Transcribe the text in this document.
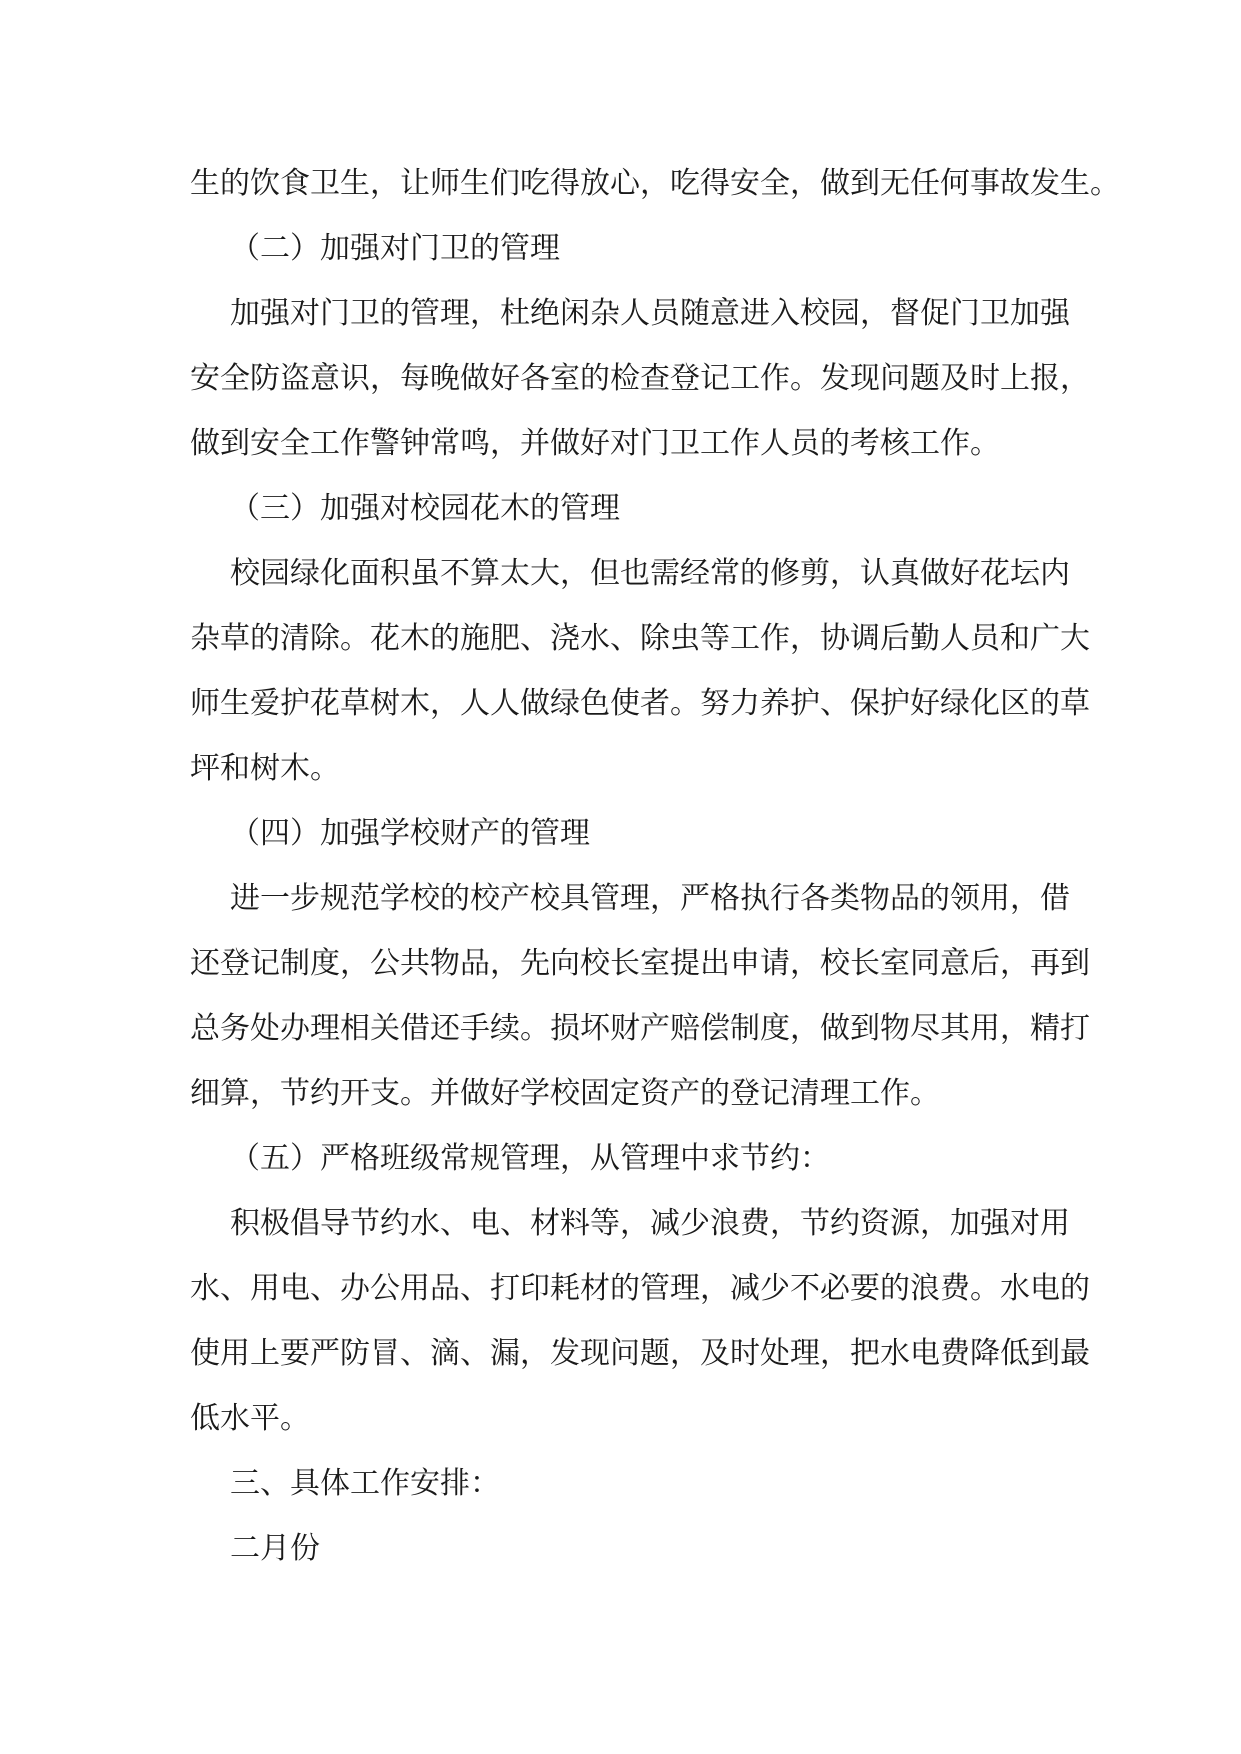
生的饮食卫生，让师生们吃得放心，吃得安全，做到无任何事故发生。
（二）加强对门卫的管理
加强对门卫的管理，杜绝闲杂人员随意进入校园，督促门卫加强
安全防盗意识，每晚做好各室的检查登记工作。发现问题及时上报，
做到安全工作警钟常鸣，并做好对门卫工作人员的考核工作。
（三）加强对校园花木的管理
校园绿化面积虽不算太大，但也需经常的修剪，认真做好花坛内
杂草的清除。花木的施肥、浇水、除虫等工作，协调后勤人员和广大
师生爱护花草树木，人人做绿色使者。努力养护、保护好绿化区的草
坪和树木。
（四）加强学校财产的管理
进一步规范学校的校产校具管理，严格执行各类物品的领用，借
还登记制度，公共物品，先向校长室提出申请，校长室同意后，再到
总务处办理相关借还手续。损坏财产赔偿制度，做到物尽其用，精打
细算，节约开支。并做好学校固定资产的登记清理工作。
（五）严格班级常规管理，从管理中求节约：
积极倡导节约水、电、材料等，减少浪费，节约资源，加强对用
水、用电、办公用品、打印耗材的管理，减少不必要的浪费。水电的
使用上要严防冒、滴、漏，发现问题，及时处理，把水电费降低到最
低水平。
三、具体工作安排：
二月份
